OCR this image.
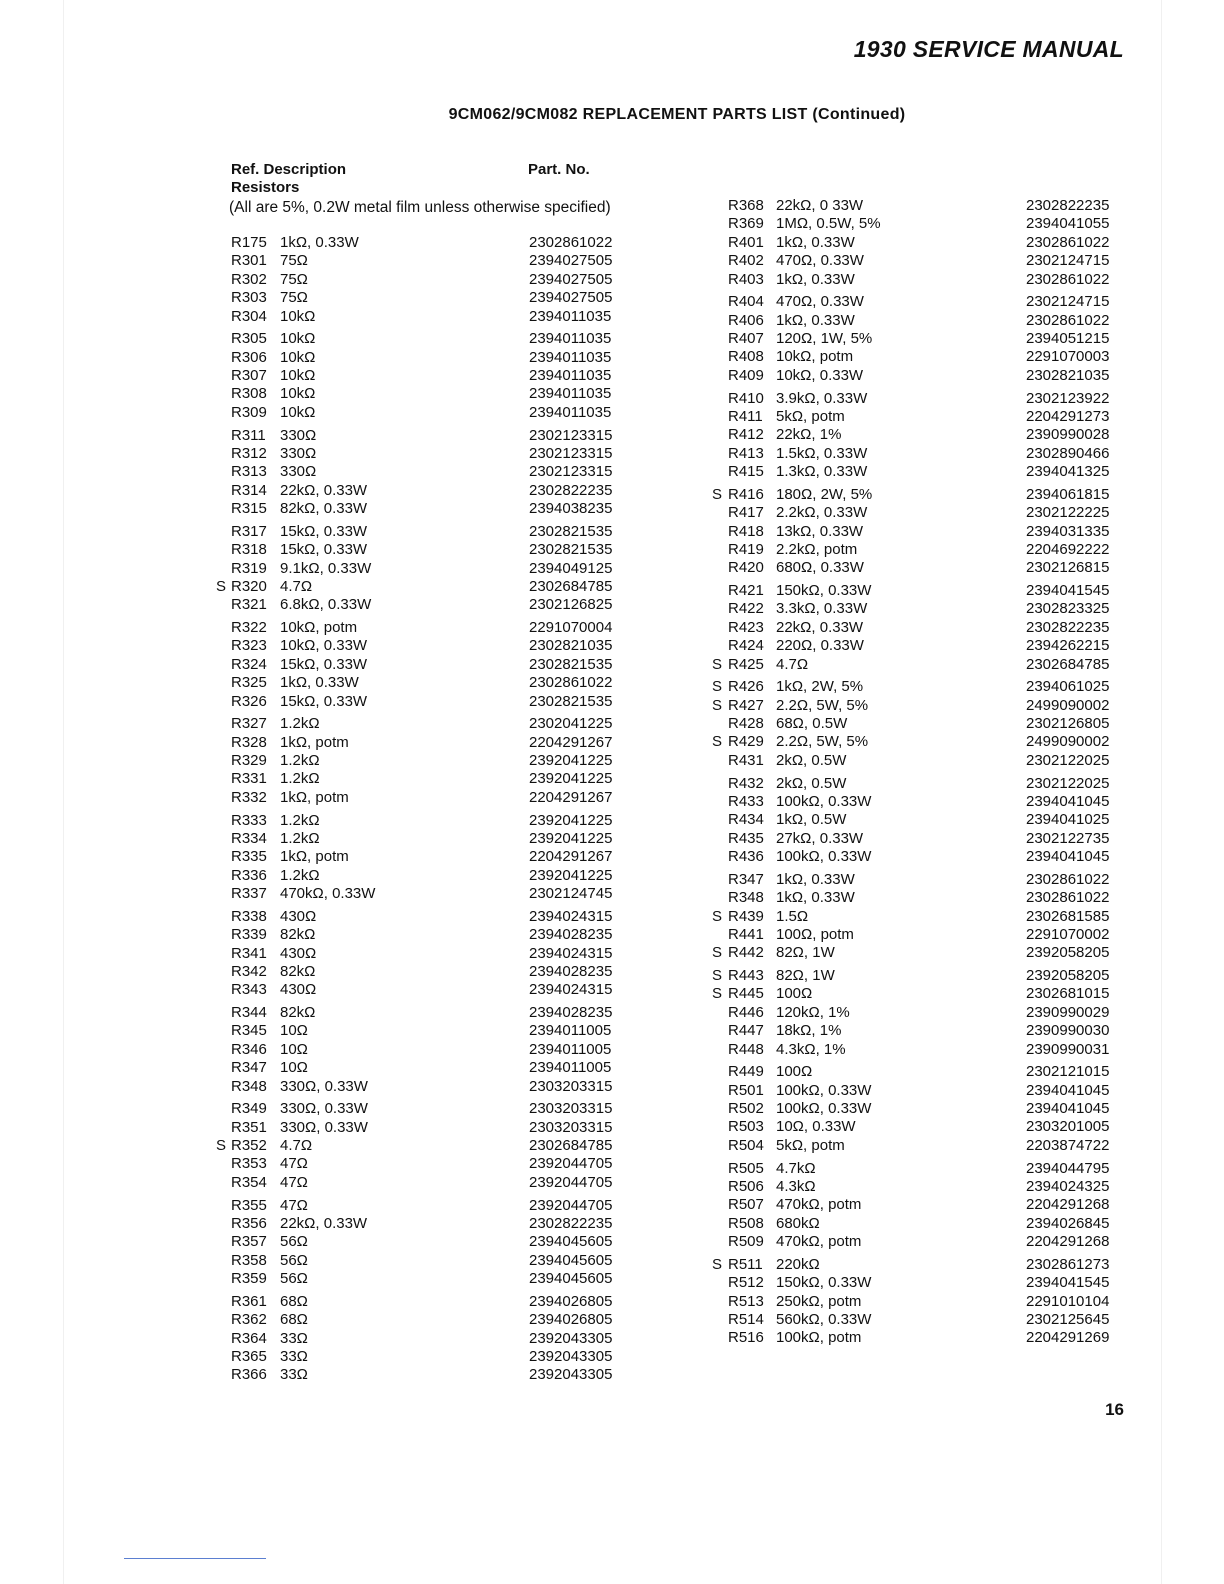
1930 SERVICE MANUAL
9CM062/9CM082 REPLACEMENT PARTS LIST (Continued)
Ref. Description	Part. No.
Resistors
(All are 5%, 0.2W metal film unless otherwise specified)
R175 1kΩ, 0.33W	2302861022
R301 75Ω	2394027505
R302 75Ω	2394027505
R303 75Ω	2394027505
R304 10kΩ	2394011035
R305 10kΩ	2394011035
R306 10kΩ	2394011035
R307 10kΩ	2394011035
R308 10kΩ	2394011035
R309 10kΩ	2394011035
R311 330Ω	2302123315
R312 330Ω	2302123315
R313 330Ω	2302123315
R314 22kΩ, 0.33W	2302822235
R315 82kΩ, 0.33W	2394038235
R317 15kΩ, 0.33W	2302821535
R318 15kΩ, 0.33W	2302821535
R319 9.1kΩ, 0.33W	2394049125
S R320 4.7Ω	2302684785
R321 6.8kΩ, 0.33W	2302126825
R322 10kΩ, potm	2291070004
R323 10kΩ, 0.33W	2302821035
R324 15kΩ, 0.33W	2302821535
R325 1kΩ, 0.33W	2302861022
R326 15kΩ, 0.33W	2302821535
R327 1.2kΩ	2302041225
R328 1kΩ, potm	2204291267
R329 1.2kΩ	2392041225
R331 1.2kΩ	2392041225
R332 1kΩ, potm	2204291267
R333 1.2kΩ	2392041225
R334 1.2kΩ	2392041225
R335 1kΩ, potm	2204291267
R336 1.2kΩ	2392041225
R337 470kΩ, 0.33W	2302124745
R338 430Ω	2394024315
R339 82kΩ	2394028235
R341 430Ω	2394024315
R342 82kΩ	2394028235
R343 430Ω	2394024315
R344 82kΩ	2394028235
R345 10Ω	2394011005
R346 10Ω	2394011005
R347 10Ω	2394011005
R348 330Ω, 0.33W	2303203315
R349 330Ω, 0.33W	2303203315
R351 330Ω, 0.33W	2303203315
S R352 4.7Ω	2302684785
R353 47Ω	2392044705
R354 47Ω	2392044705
R355 47Ω	2392044705
R356 22kΩ, 0.33W	2302822235
R357 56Ω	2394045605
R358 56Ω	2394045605
R359 56Ω	2394045605
R361 68Ω	2394026805
R362 68Ω	2394026805
R364 33Ω	2392043305
R365 33Ω	2392043305
R366 33Ω	2392043305
R368 22kΩ, 0 33W	2302822235
R369 1MΩ, 0.5W, 5%	2394041055
R401 1kΩ, 0.33W	2302861022
R402 470Ω, 0.33W	2302124715
R403 1kΩ, 0.33W	2302861022
R404 470Ω, 0.33W	2302124715
R406 1kΩ, 0.33W	2302861022
R407 120Ω, 1W, 5%	2394051215
R408 10kΩ, potm	2291070003
R409 10kΩ, 0.33W	2302821035
R410 3.9kΩ, 0.33W	2302123922
R411 5kΩ, potm	2204291273
R412 22kΩ, 1%	2390990028
R413 1.5kΩ, 0.33W	2302890466
R415 1.3kΩ, 0.33W	2394041325
S R416 180Ω, 2W, 5%	2394061815
R417 2.2kΩ, 0.33W	2302122225
R418 13kΩ, 0.33W	2394031335
R419 2.2kΩ, potm	2204692222
R420 680Ω, 0.33W	2302126815
R421 150kΩ, 0.33W	2394041545
R422 3.3kΩ, 0.33W	2302823325
R423 22kΩ, 0.33W	2302822235
R424 220Ω, 0.33W	2394262215
S R425 4.7Ω	2302684785
S R426 1kΩ, 2W, 5%	2394061025
S R427 2.2Ω, 5W, 5%	2499090002
R428 68Ω, 0.5W	2302126805
S R429 2.2Ω, 5W, 5%	2499090002
R431 2kΩ, 0.5W	2302122025
R432 2kΩ, 0.5W	2302122025
R433 100kΩ, 0.33W	2394041045
R434 1kΩ, 0.5W	2394041025
R435 27kΩ, 0.33W	2302122735
R436 100kΩ, 0.33W	2394041045
R347 1kΩ, 0.33W	2302861022
R348 1kΩ, 0.33W	2302861022
S R439 1.5Ω	2302681585
R441 100Ω, potm	2291070002
S R442 82Ω, 1W	2392058205
S R443 82Ω, 1W	2392058205
S R445 100Ω	2302681015
R446 120kΩ, 1%	2390990029
R447 18kΩ, 1%	2390990030
R448 4.3kΩ, 1%	2390990031
R449 100Ω	2302121015
R501 100kΩ, 0.33W	2394041045
R502 100kΩ, 0.33W	2394041045
R503 10Ω, 0.33W	2303201005
R504 5kΩ, potm	2203874722
R505 4.7kΩ	2394044795
R506 4.3kΩ	2394024325
R507 470kΩ, potm	2204291268
R508 680kΩ	2394026845
R509 470kΩ, potm	2204291268
S R511 220kΩ	2302861273
R512 150kΩ, 0.33W	2394041545
R513 250kΩ, potm	2291010104
R514 560kΩ, 0.33W	2302125645
R516 100kΩ, potm	2204291269
16
